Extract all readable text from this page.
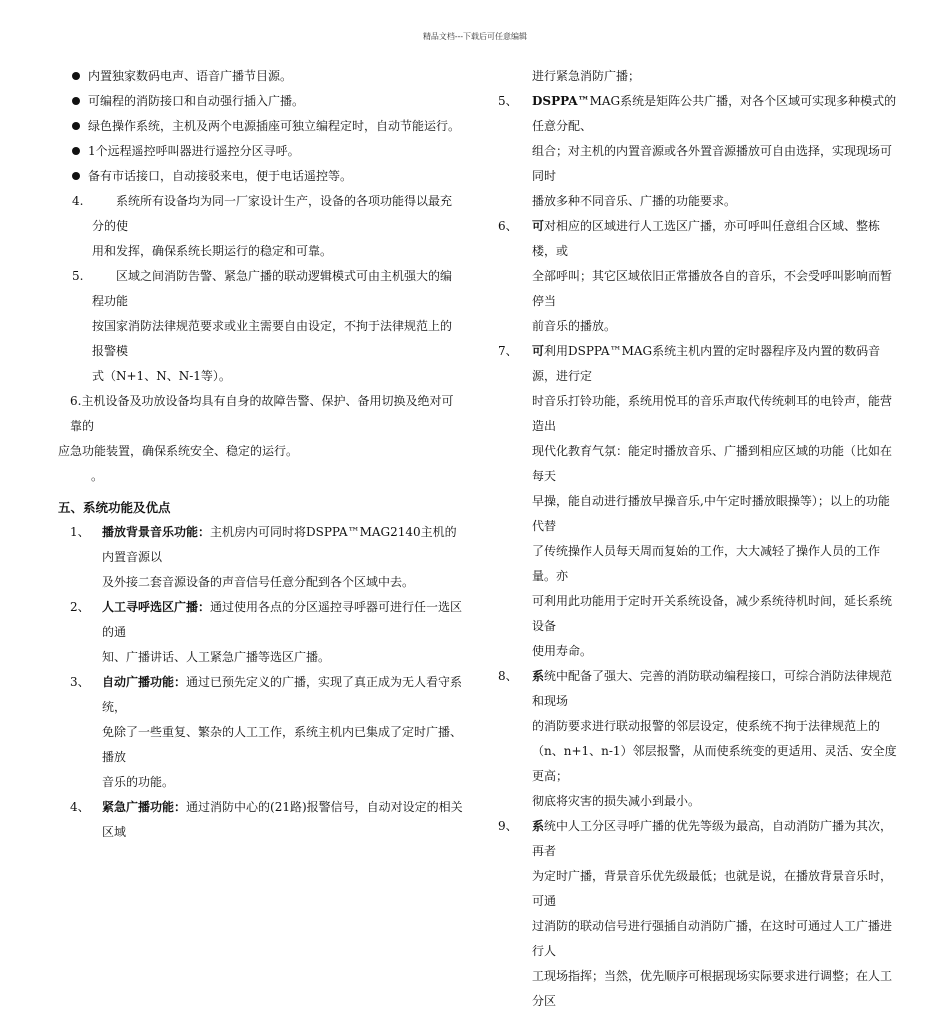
精品文档---下载后可任意编辑
内置独家数码电声、语音广播节目源。
可编程的消防接口和自动强行插入广播。
绿色操作系统，主机及两个电源插座可独立编程定时，自动节能运行。
1个远程遥控呼叫器进行遥控分区寻呼。
备有市话接口，自动接驳来电，便于电话遥控等。
4.	系统所有设备均为同一厂家设计生产，设备的各项功能得以最充分的使
用和发挥，确保系统长期运行的稳定和可靠。
5.	区域之间消防告警、紧急广播的联动逻辑模式可由主机强大的编程功能
按国家消防法律规范要求或业主需要自由设定，不拘于法律规范上的报警模
式（N+1、N、N-1等）。
6.主机设备及功放设备均具有自身的故障告警、保护、备用切换及绝对可靠的
应急功能装置，确保系统安全、稳定的运行。
。
五、系统功能及优点
1、 播放背景音乐功能：主机房内可同时将DSPPA™MAG2140主机的内置音源以
及外接二套音源设备的声音信号任意分配到各个区域中去。
2、 人工寻呼选区广播：通过使用各点的分区遥控寻呼器可进行任一选区的通
知、广播讲话、人工紧急广播等选区广播。
3、 自动广播功能：通过已预先定义的广播，实现了真正成为无人看守系统，
免除了一些重复、繁杂的人工工作，系统主机内已集成了定时广播、播放
音乐的功能。
4、 紧急广播功能：通过消防中心的(21路)报警信号，自动对设定的相关区域
进行紧急消防广播；
5、 DSPPA™MAG系统是矩阵公共广播，对各个区域可实现多种模式的任意分配、
组合；对主机的内置音源或各外置音源播放可自由选择，实现现场可同时
播放多种不同音乐、广播的功能要求。
6、 可对相应的区域进行人工选区广播，亦可呼叫任意组合区域、整栋楼，或
全部呼叫；其它区域依旧正常播放各自的音乐，不会受呼叫影响而暂停当
前音乐的播放。
7、 可利用DSPPA™MAG系统主机内置的定时器程序及内置的数码音源，进行定
时音乐打铃功能，系统用悦耳的音乐声取代传统刺耳的电铃声，能营造出
现代化教育气氛：能定时播放音乐、广播到相应区域的功能（比如在每天
早操，能自动进行播放早操音乐,中午定时播放眼操等）；以上的功能代替
了传统操作人员每天周而复始的工作，大大减轻了操作人员的工作量。亦
可利用此功能用于定时开关系统设备，减少系统待机时间，延长系统设备
使用寿命。
8、 系统中配备了强大、完善的消防联动编程接口，可综合消防法律规范和现场
的消防要求进行联动报警的邻层设定，使系统不拘于法律规范上的
（n、n+1、n-1）邻层报警，从而使系统变的更适用、灵活、安全度更高；
彻底将灾害的损失减小到最小。
9、 系统中人工分区寻呼广播的优先等级为最高，自动消防广播为其次，再者
为定时广播，背景音乐优先级最低；也就是说，在播放背景音乐时，可通
过消防的联动信号进行强插自动消防广播，在这时可通过人工广播进行人
工现场指挥；当然，优先顺序可根据现场实际要求进行调整；在人工分区
